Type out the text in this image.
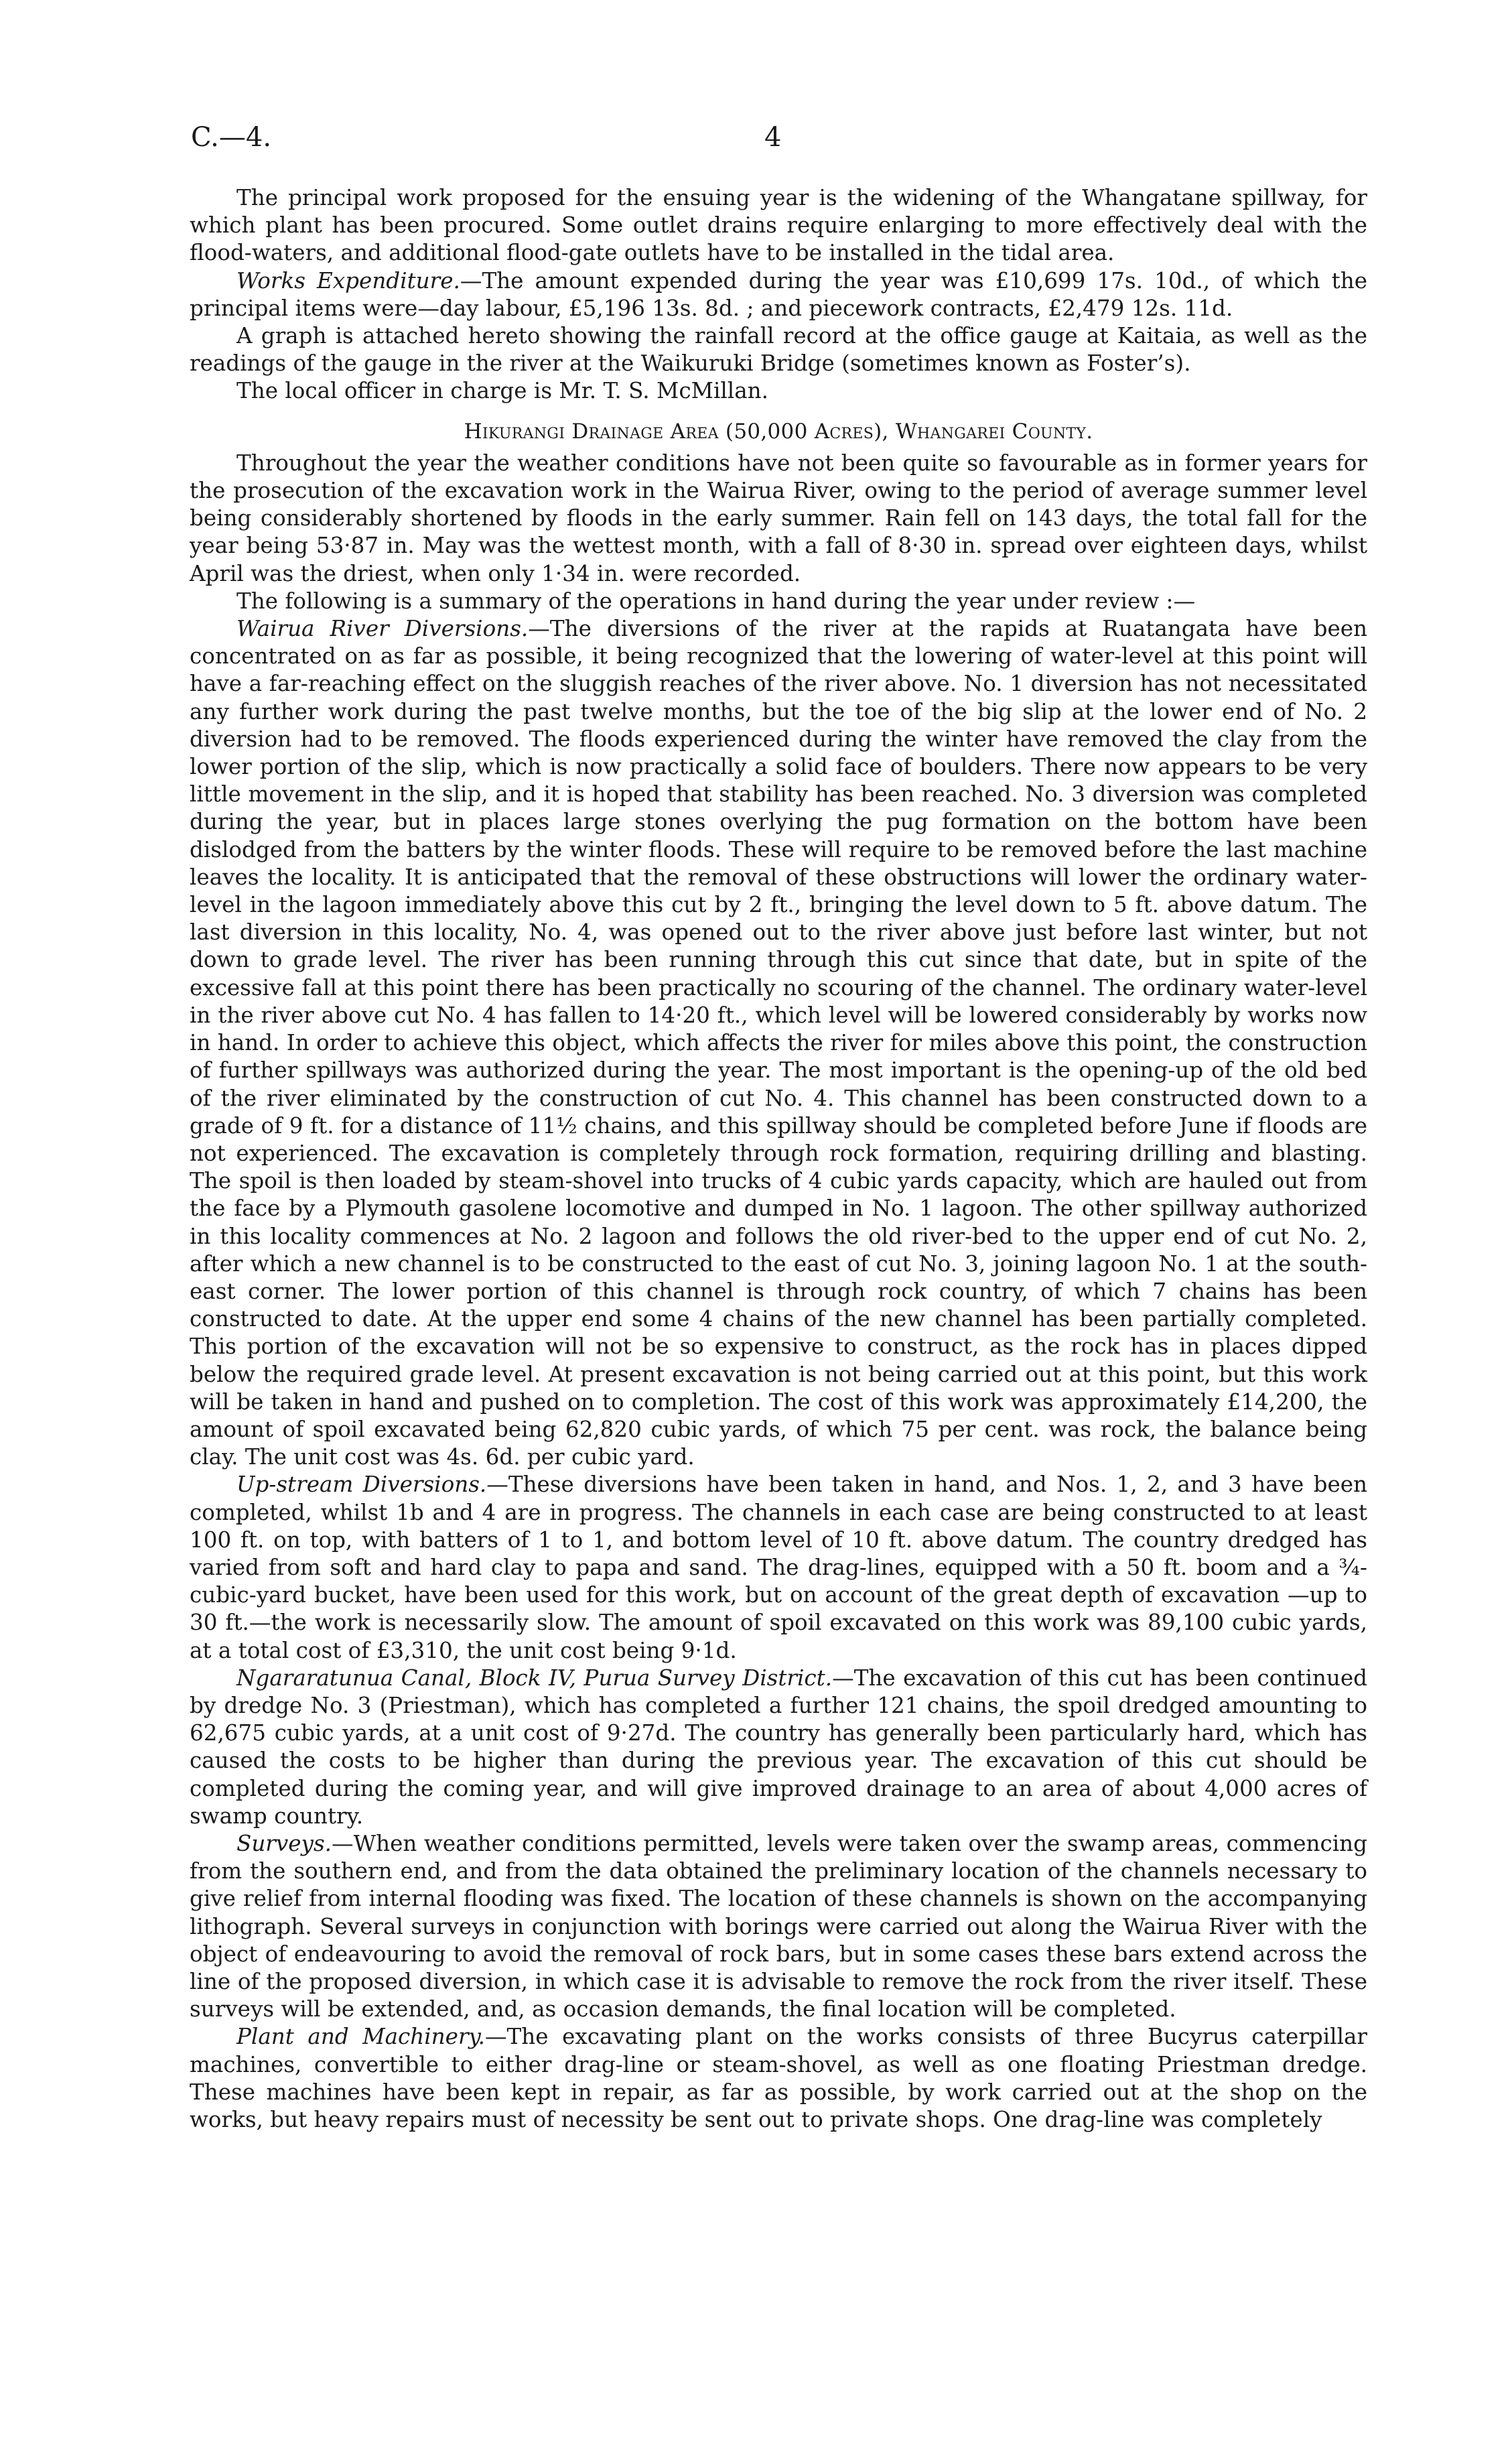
C.—4.	4

The principal work proposed for the ensuing year is the widening of the Whangatane spillway, for which plant has been procured. Some outlet drains require enlarging to more effectively deal with the flood-waters, and additional flood-gate outlets have to be installed in the tidal area.

Works Expenditure.—The amount expended during the year was £10,699 17s. 10d., of which the principal items were—day labour, £5,196 13s. 8d. ; and piecework contracts, £2,479 12s. 11d.

A graph is attached hereto showing the rainfall record at the office gauge at Kaitaia, as well as the readings of the gauge in the river at the Waikuruki Bridge (sometimes known as Foster’s).

The local officer in charge is Mr. T. S. McMillan.

Hikurangi Drainage Area (50,000 Acres), Whangarei County.

Throughout the year the weather conditions have not been quite so favourable as in former years for the prosecution of the excavation work in the Wairua River, owing to the period of average summer level being considerably shortened by floods in the early summer. Rain fell on 143 days, the total fall for the year being 53·87 in. May was the wettest month, with a fall of 8·30 in. spread over eighteen days, whilst April was the driest, when only 1·34 in. were recorded.

The following is a summary of the operations in hand during the year under review :—

Wairua River Diversions.—The diversions of the river at the rapids at Ruatangata have been concentrated on as far as possible, it being recognized that the lowering of water-level at this point will have a far-reaching effect on the sluggish reaches of the river above. No. 1 diversion has not necessitated any further work during the past twelve months, but the toe of the big slip at the lower end of No. 2 diversion had to be removed. The floods experienced during the winter have removed the clay from the lower portion of the slip, which is now practically a solid face of boulders. There now appears to be very little movement in the slip, and it is hoped that stability has been reached. No. 3 diversion was completed during the year, but in places large stones overlying the pug formation on the bottom have been dislodged from the batters by the winter floods. These will require to be removed before the last machine leaves the locality. It is anticipated that the removal of these obstructions will lower the ordinary water-level in the lagoon immediately above this cut by 2 ft., bringing the level down to 5 ft. above datum. The last diversion in this locality, No. 4, was opened out to the river above just before last winter, but not down to grade level. The river has been running through this cut since that date, but in spite of the excessive fall at this point there has been practically no scouring of the channel. The ordinary water-level in the river above cut No. 4 has fallen to 14·20 ft., which level will be lowered considerably by works now in hand. In order to achieve this object, which affects the river for miles above this point, the construction of further spillways was authorized during the year. The most important is the opening-up of the old bed of the river eliminated by the construction of cut No. 4. This channel has been constructed down to a grade of 9 ft. for a distance of 11½ chains, and this spillway should be completed before June if floods are not experienced. The excavation is completely through rock formation, requiring drilling and blasting. The spoil is then loaded by steam-shovel into trucks of 4 cubic yards capacity, which are hauled out from the face by a Plymouth gasolene locomotive and dumped in No. 1 lagoon. The other spillway authorized in this locality commences at No. 2 lagoon and follows the old river-bed to the upper end of cut No. 2, after which a new channel is to be constructed to the east of cut No. 3, joining lagoon No. 1 at the south-east corner. The lower portion of this channel is through rock country, of which 7 chains has been constructed to date. At the upper end some 4 chains of the new channel has been partially completed. This portion of the excavation will not be so expensive to construct, as the rock has in places dipped below the required grade level. At present excavation is not being carried out at this point, but this work will be taken in hand and pushed on to completion. The cost of this work was approximately £14,200, the amount of spoil excavated being 62,820 cubic yards, of which 75 per cent. was rock, the balance being clay. The unit cost was 4s. 6d. per cubic yard.

Up-stream Diversions.—These diversions have been taken in hand, and Nos. 1, 2, and 3 have been completed, whilst 1b and 4 are in progress. The channels in each case are being constructed to at least 100 ft. on top, with batters of 1 to 1, and bottom level of 10 ft. above datum. The country dredged has varied from soft and hard clay to papa and sand. The drag-lines, equipped with a 50 ft. boom and a ¾-cubic-yard bucket, have been used for this work, but on account of the great depth of excavation —up to 30 ft.—the work is necessarily slow. The amount of spoil excavated on this work was 89,100 cubic yards, at a total cost of £3,310, the unit cost being 9·1d.

Ngararatunua Canal, Block IV, Purua Survey District.—The excavation of this cut has been continued by dredge No. 3 (Priestman), which has completed a further 121 chains, the spoil dredged amounting to 62,675 cubic yards, at a unit cost of 9·27d. The country has generally been particularly hard, which has caused the costs to be higher than during the previous year. The excavation of this cut should be completed during the coming year, and will give improved drainage to an area of about 4,000 acres of swamp country.

Surveys.—When weather conditions permitted, levels were taken over the swamp areas, commencing from the southern end, and from the data obtained the preliminary location of the channels necessary to give relief from internal flooding was fixed. The location of these channels is shown on the accompanying lithograph. Several surveys in conjunction with borings were carried out along the Wairua River with the object of endeavouring to avoid the removal of rock bars, but in some cases these bars extend across the line of the proposed diversion, in which case it is advisable to remove the rock from the river itself. These surveys will be extended, and, as occasion demands, the final location will be completed.

Plant and Machinery.—The excavating plant on the works consists of three Bucyrus caterpillar machines, convertible to either drag-line or steam-shovel, as well as one floating Priestman dredge. These machines have been kept in repair, as far as possible, by work carried out at the shop on the works, but heavy repairs must of necessity be sent out to private shops. One drag-line was completely
